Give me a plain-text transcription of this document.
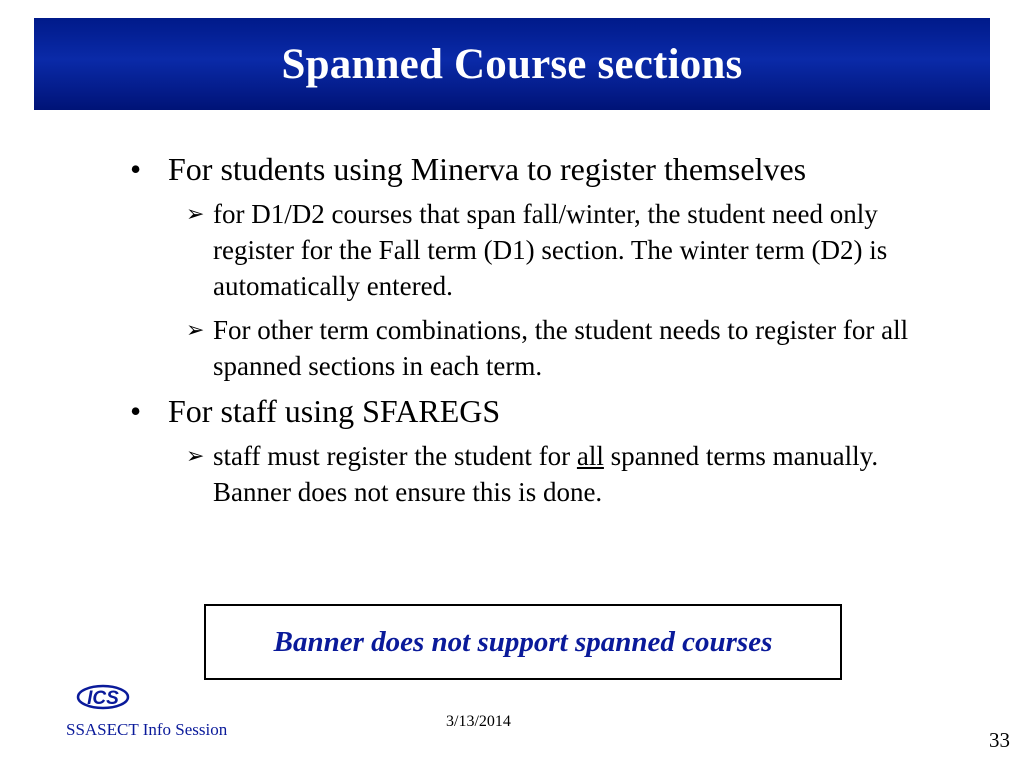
Spanned Course sections
• For students using Minerva to register themselves
➢ for D1/D2 courses that span fall/winter, the student need only register for the Fall term (D1) section. The winter term (D2) is automatically entered.
➢ For other term combinations, the student needs to register for all spanned sections in each term.
• For staff using SFAREGS
➢ staff must register the student for all spanned terms manually. Banner does not ensure this is done.
Banner does not support spanned courses
ICS
SSASECT Info Session	3/13/2014
33
